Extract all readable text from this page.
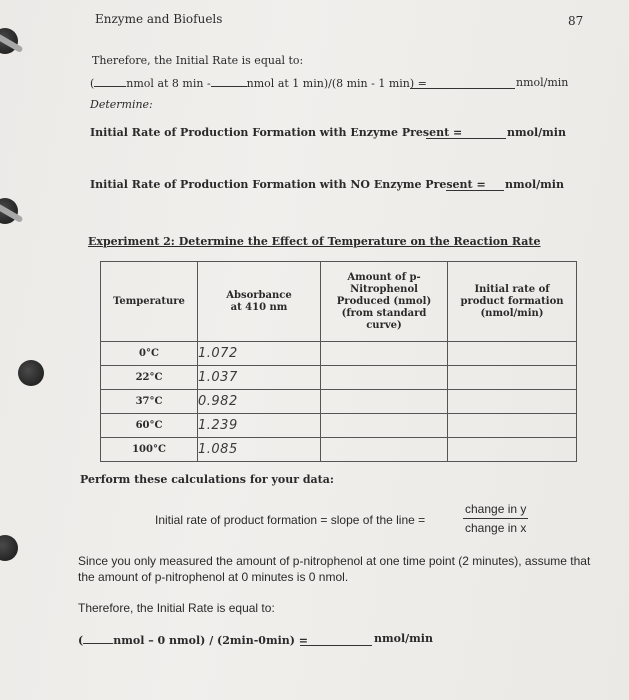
Enzyme and Biofuels	87
Therefore, the Initial Rate is equal to:
(	nmol at 8 min -	nmol at 1 min)/(8 min - 1 min) =	nmol/min
Determine:
Initial Rate of Production Formation with Enzyme Present =	nmol/min
Initial Rate of Production Formation with NO Enzyme Present = nmol/min
Experiment 2: Determine the Effect of Temperature on the Reaction Rate
Temperature	Absorbance at 410 nm	Amount of p-Nitrophenol Produced (nmol) (from standard curve)	Initial rate of product formation (nmol/min)

0°C	1.072		
22°C	1.037		
37°C	0.982		
60°C	1.239		
100°C	1.085		
Perform these calculations for your data:
Initial rate of product formation = slope of the line =
change in y
change in x
Since you only measured the amount of p-nitrophenol at one time point (2 minutes), assume that
the amount of p-nitrophenol at 0 minutes is 0 nmol.
Therefore, the Initial Rate is equal to:
(	nmol – 0 nmol) / (2min-0min) =	nmol/min
